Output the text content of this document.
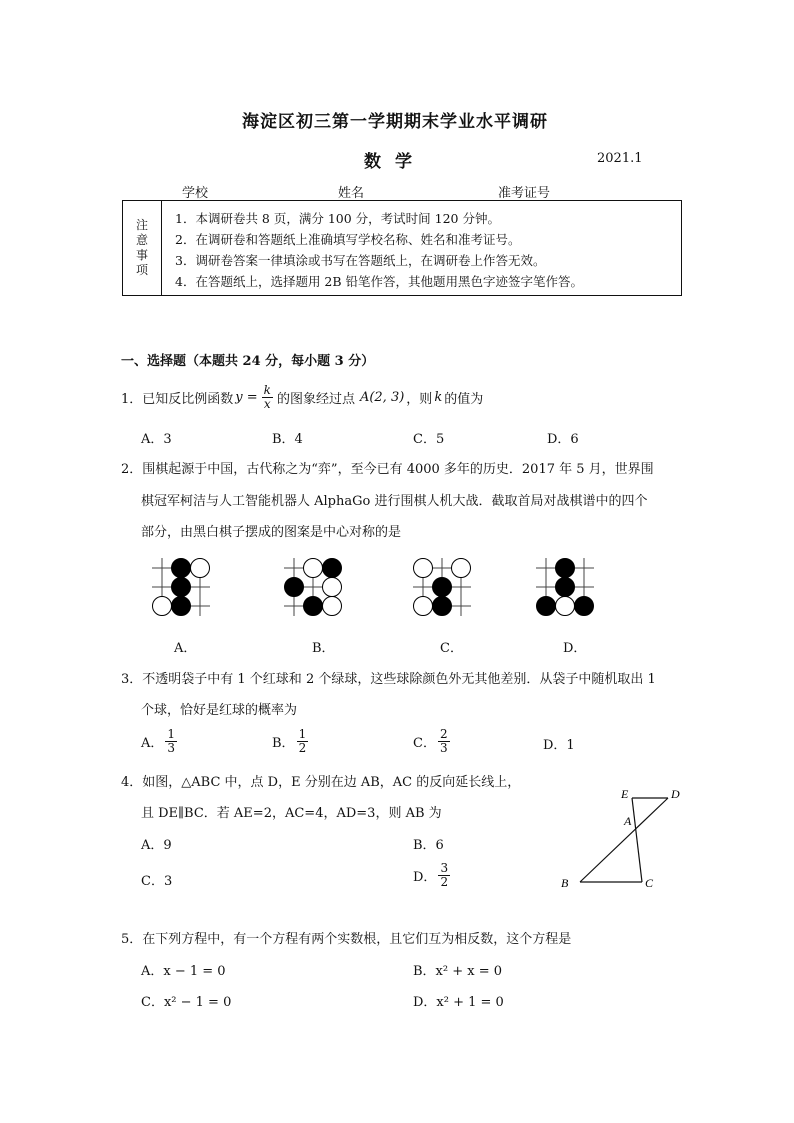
海淀区初三第一学期期末学业水平调研
数学	2021.1
学校	姓名	准考证号
注
意
事
项
1．本调研卷共 8 页，满分 100 分，考试时间 120 分钟。
2．在调研卷和答题纸上准确填写学校名称、姓名和准考证号。
3．调研卷答案一律填涂或书写在答题纸上，在调研卷上作答无效。
4．在答题纸上，选择题用 2B 铅笔作答，其他题用黑色字迹签字笔作答。
一、选择题（本题共 24 分，每小题 3 分）
1．已知反比例函数 $y = \frac{k}{x}$ 的图象经过点 A(2, 3) ，则 k 的值为
A．3	B．4	C．5	D．6
2．围棋起源于中国，古代称之为“弈”，至今已有 4000 多年的历史．2017 年 5 月，世界围
棋冠军柯洁与人工智能机器人 AlphaGo 进行围棋人机大战．截取首局对战棋谱中的四个
部分，由黑白棋子摆成的图案是中心对称的是
A．	B．	C．	D．
3．不透明袋子中有 1 个红球和 2 个绿球，这些球除颜色外无其他差别．从袋子中随机取出 1
个球，恰好是红球的概率为
A． $\frac{1}{3}$	B． $\frac{1}{2}$	C． $\frac{2}{3}$	D．1
4．如图，△ABC 中，点 D，E 分别在边 AB，AC 的反向延长线上，
且 DE∥BC．若 AE=2，AC=4，AD=3，则 AB 为
A．9	B．6
C．3	D． $\frac{3}{2}$
E	D
A
B	C
5．在下列方程中，有一个方程有两个实数根，且它们互为相反数，这个方程是
A．x − 1 = 0	B．x² + x = 0
C．x² − 1 = 0	D．x² + 1 = 0
